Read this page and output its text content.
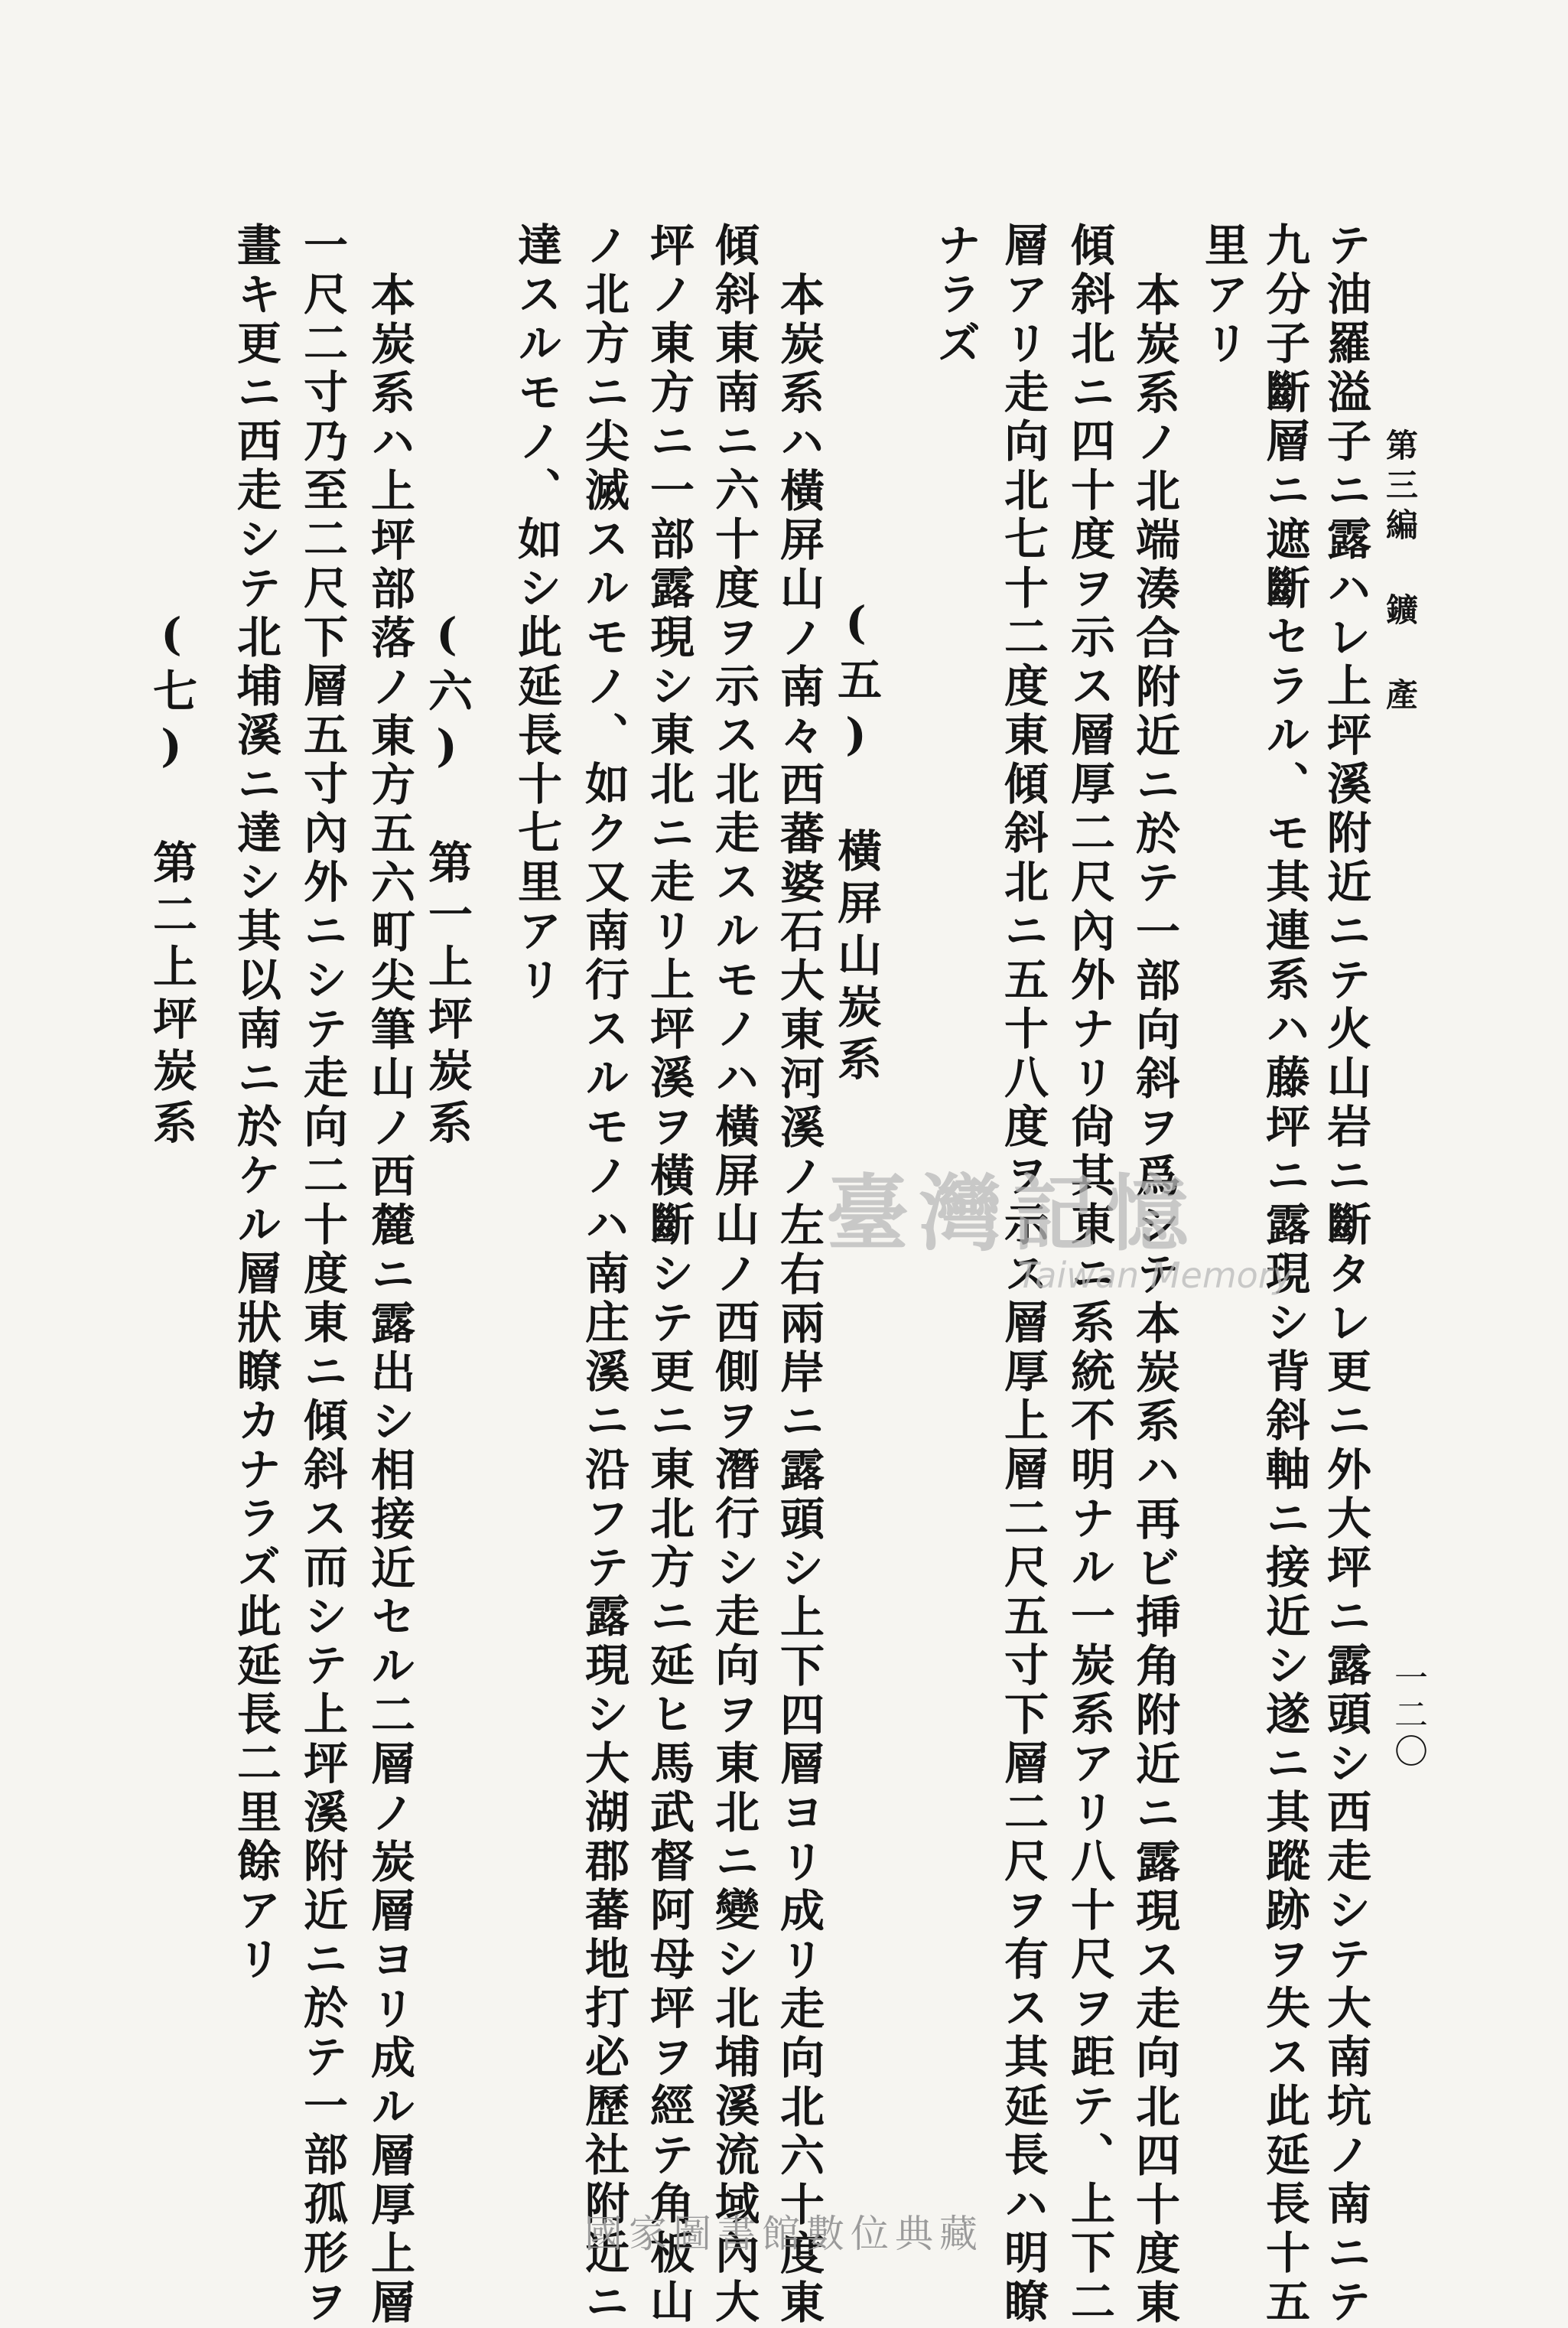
第三編 鑛 產
一二〇
テ油羅溢子ニ露ハレ上坪溪附近ニテ火山岩ニ斷タレ更ニ外大坪ニ露頭シ西走シテ大南坑ノ南ニテ
九分子斷層ニ遮斷セラル、モ其連系ハ藤坪ニ露現シ背斜軸ニ接近シ遂ニ其蹤跡ヲ失ス此延長十五
里アリ
本炭系ノ北端湊合附近ニ於テ一部向斜ヲ爲シテ本炭系ハ再ビ挿角附近ニ露現ス走向北四十度東
傾斜北ニ四十度ヲ示ス層厚二尺內外ナリ尙其東ニ系統不明ナル一炭系アリ八十尺ヲ距テ、上下二
層アリ走向北七十二度東傾斜北ニ五十八度ヲ示ス層厚上層二尺五寸下層二尺ヲ有ス其延長ハ明瞭
ナラズ
(五) 橫屏山炭系
本炭系ハ橫屏山ノ南々西蕃婆石大東河溪ノ左右兩岸ニ露頭シ上下四層ヨリ成リ走向北六十度東
傾斜東南ニ六十度ヲ示ス北走スルモノハ橫屏山ノ西側ヲ潛行シ走向ヲ東北ニ變シ北埔溪流域內大
坪ノ東方ニ一部露現シ東北ニ走リ上坪溪ヲ橫斷シテ更ニ東北方ニ延ヒ馬武督阿母坪ヲ經テ角板山
ノ北方ニ尖滅スルモノ、如ク又南行スルモノハ南庄溪ニ沿フテ露現シ大湖郡蕃地打必歷社附近ニ
達スルモノ、如シ此延長十七里アリ
(六) 第一上坪炭系
本炭系ハ上坪部落ノ東方五六町尖筆山ノ西麓ニ露出シ相接近セル二層ノ炭層ヨリ成ル層厚上層
一尺二寸乃至二尺下層五寸內外ニシテ走向二十度東ニ傾斜ス而シテ上坪溪附近ニ於テ一部孤形ヲ
畫キ更ニ西走シテ北埔溪ニ達シ其以南ニ於ケル層狀瞭カナラズ此延長二里餘アリ
(七) 第二上坪炭系
臺灣記憶
Taiwan Memory
國家圖書館數位典藏
